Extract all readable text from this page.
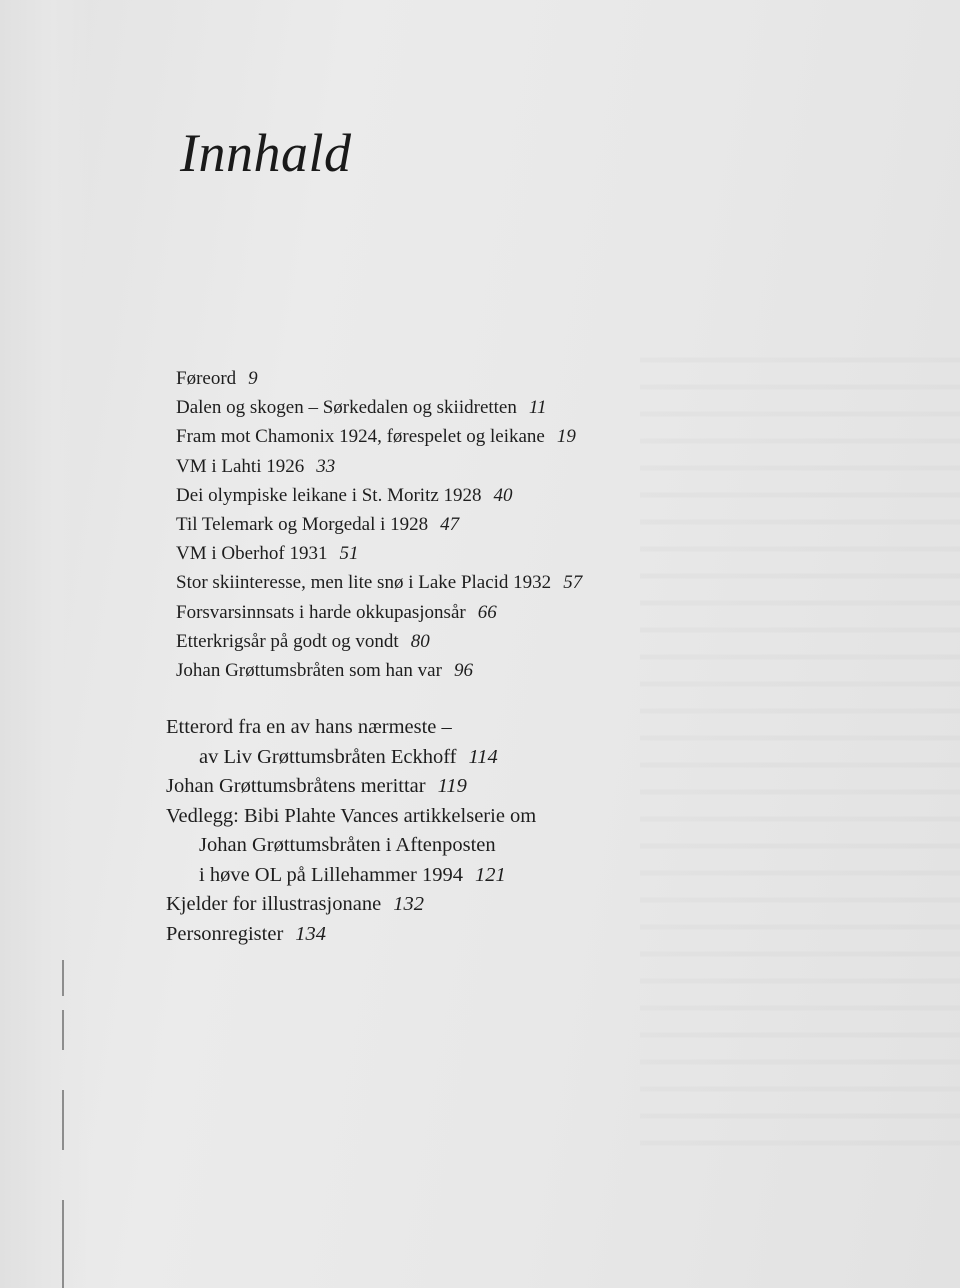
Innhald
Føreord 9
Dalen og skogen – Sørkedalen og skiidretten 11
Fram mot Chamonix 1924, førespelet og leikane 19
VM i Lahti 1926 33
Dei olympiske leikane i St. Moritz 1928 40
Til Telemark og Morgedal i 1928 47
VM i Oberhof 1931 51
Stor skiinteresse, men lite snø i Lake Placid 1932 57
Forsvarsinnsats i harde okkupasjonsår 66
Etterkrigsår på godt og vondt 80
Johan Grøttumsbråten som han var 96
Etterord fra en av hans nærmeste –
av Liv Grøttumsbråten Eckhoff 114
Johan Grøttumsbråtens merittar 119
Vedlegg: Bibi Plahte Vances artikkelserie om
Johan Grøttumsbråten i Aftenposten
i høve OL på Lillehammer 1994 121
Kjelder for illustrasjonane 132
Personregister 134
